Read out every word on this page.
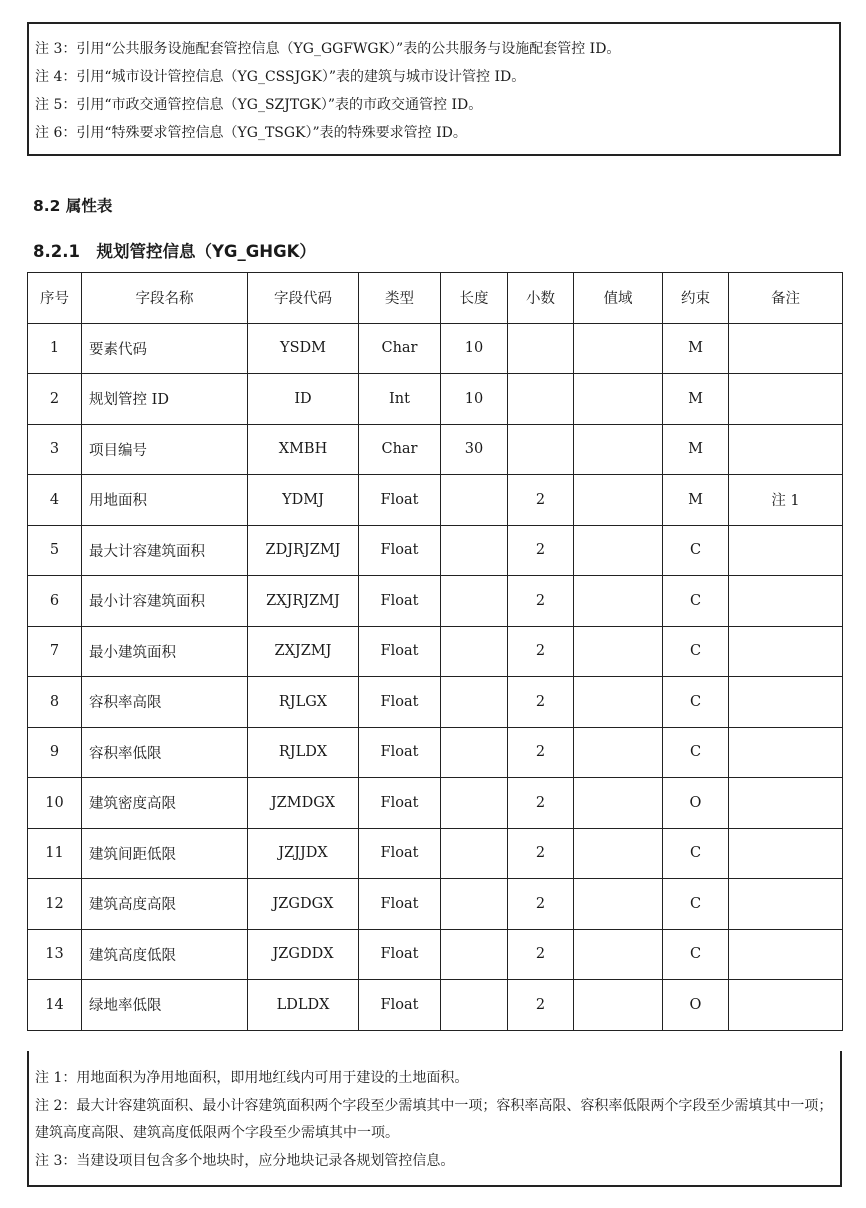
注 3：引用“公共服务设施配套管控信息（YG_GGFWGK）”表的公共服务与设施配套管控 ID。
注 4：引用“城市设计管控信息（YG_CSSJGK）”表的建筑与城市设计管控 ID。
注 5：引用“市政交通管控信息（YG_SZJTGK）”表的市政交通管控 ID。
注 6：引用“特殊要求管控信息（YG_TSGK）”表的特殊要求管控 ID。
8.2 属性表
8.2.1　规划管控信息（YG_GHGK）
序号	字段名称	字段代码	类型	长度	小数	值域	约束	备注
1	要素代码	YSDM	Char	10			M	
2	规划管控 ID	ID	Int	10			M	
3	项目编号	XMBH	Char	30			M	
4	用地面积	YDMJ	Float		2		M	注 1
5	最大计容建筑面积	ZDJRJZMJ	Float		2		C	
6	最小计容建筑面积	ZXJRJZMJ	Float		2		C	
7	最小建筑面积	ZXJZMJ	Float		2		C	
8	容积率高限	RJLGX	Float		2		C	
9	容积率低限	RJLDX	Float		2		C	
10	建筑密度高限	JZMDGX	Float		2		O	
11	建筑间距低限	JZJJDX	Float		2		C	
12	建筑高度高限	JZGDGX	Float		2		C	
13	建筑高度低限	JZGDDX	Float		2		C	
14	绿地率低限	LDLDX	Float		2		O	
注 1：用地面积为净用地面积，即用地红线内可用于建设的土地面积。
注 2：最大计容建筑面积、最小计容建筑面积两个字段至少需填其中一项；容积率高限、容积率低限两个字段至少需填其中一项；建筑高度高限、建筑高度低限两个字段至少需填其中一项。
注 3：当建设项目包含多个地块时，应分地块记录各规划管控信息。
